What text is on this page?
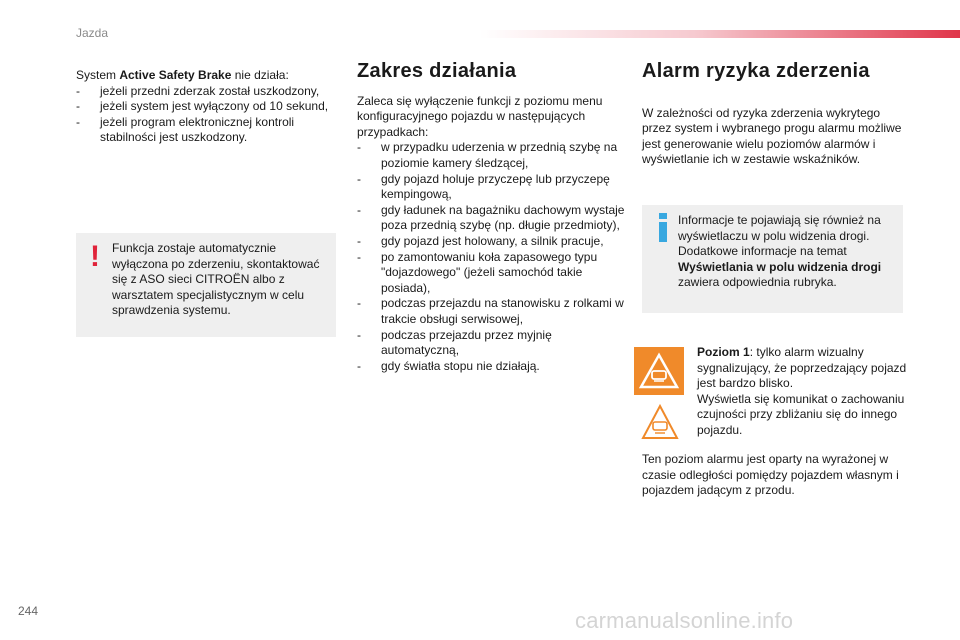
Jazda

System Active Safety Brake nie działa:

- jeżeli przedni zderzak został uszkodzony,
- jeżeli system jest wyłączony od 10 sekund,
- jeżeli program elektronicznej kontroli stabilności jest uszkodzony.
! Funkcja zostaje automatycznie wyłączona po zderzeniu, skontaktować się z ASO sieci CITROËN albo z warsztatem specjalistycznym w celu sprawdzenia systemu.
Zakres działania

Zaleca się wyłączenie funkcji z poziomu menu konfiguracyjnego pojazdu w następujących przypadkach:

- w przypadku uderzenia w przednią szybę na poziomie kamery śledzącej,
- gdy pojazd holuje przyczepę lub przyczepę kempingową,
- gdy ładunek na bagażniku dachowym wystaje poza przednią szybę (np. długie przedmioty),
- gdy pojazd jest holowany, a silnik pracuje,
- po zamontowaniu koła zapasowego typu "dojazdowego" (jeżeli samochód takie posiada),
- podczas przejazdu na stanowisku z rolkami w trakcie obsługi serwisowej,
- podczas przejazdu przez myjnię automatyczną,
- gdy światła stopu nie działają.
Alarm ryzyka zderzenia

W zależności od ryzyka zderzenia wykrytego przez system i wybranego progu alarmu możliwe jest generowanie wielu poziomów alarmów i wyświetlanie ich w zestawie wskaźników.

Informacje te pojawiają się również na wyświetlaczu w polu widzenia drogi. Dodatkowe informacje na temat
Wyświetlania w polu widzenia drogi
zawiera odpowiednia rubryka.

Poziom 1: tylko alarm wizualny sygnalizujący, że poprzedzający pojazd jest bardzo blisko.

Wyświetla się komunikat o zachowaniu czujności przy zbliżaniu się do innego pojazdu.

Ten poziom alarmu jest oparty na wyrażonej w czasie odległości pomiędzy pojazdem własnym i pojazdem jadącym z przodu.
244	carmanualsonline.info
